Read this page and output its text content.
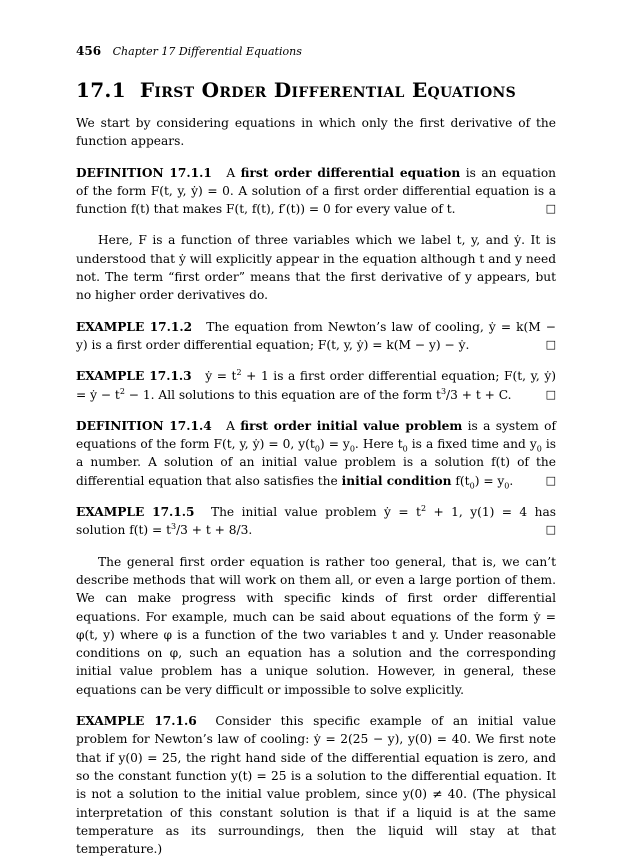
456 Chapter 17 Differential Equations
17.1 First Order Differential Equations

We start by considering equations in which only the first derivative of the function appears.

DEFINITION 17.1.1 A first order differential equation is an equation of the form F(t, y, ẏ) = 0. A solution of a first order differential equation is a function f(t) that makes F(t, f(t), f′(t)) = 0 for every value of t.	□

Here, F is a function of three variables which we label t, y, and ẏ. It is understood that ẏ will explicitly appear in the equation although t and y need not. The term “first order” means that the first derivative of y appears, but no higher order derivatives do.

EXAMPLE 17.1.2 The equation from Newton’s law of cooling, ẏ = k(M − y) is a first order differential equation; F(t, y, ẏ) = k(M − y) − ẏ.	□

EXAMPLE 17.1.3 ẏ = $t^2 + 1$ is a first order differential equation; F(t, y, ẏ) = ẏ − $t^2 - 1$. All solutions to this equation are of the form $t^3/3 + t + C$.	□

DEFINITION 17.1.4 A first order initial value problem is a system of equations of the form F(t, y, ẏ) = 0, $y(t_0) = y_0$. Here $t_0$ is a fixed time and $y_0$ is a number. A solution of an initial value problem is a solution f(t) of the differential equation that also satisfies the initial condition $f(t_0) = y_0$.	□

EXAMPLE 17.1.5 The initial value problem ẏ = $t^2 + 1$, y(1) = 4 has solution $f(t) = t^3/3 + t + 8/3$.	□

The general first order equation is rather too general, that is, we can’t describe methods that will work on them all, or even a large portion of them. We can make progress with specific kinds of first order differential equations. For example, much can be said about equations of the form ẏ = φ(t, y) where φ is a function of the two variables t and y. Under reasonable conditions on φ, such an equation has a solution and the corresponding initial value problem has a unique solution. However, in general, these equations can be very difficult or impossible to solve explicitly.

EXAMPLE 17.1.6 Consider this specific example of an initial value problem for Newton’s law of cooling: ẏ = 2(25 − y), y(0) = 40. We first note that if y(0) = 25, the right hand side of the differential equation is zero, and so the constant function y(t) = 25 is a solution to the differential equation. It is not a solution to the initial value problem, since y(0) ≠ 40. (The physical interpretation of this constant solution is that if a liquid is at the same temperature as its surroundings, then the liquid will stay at that temperature.)
